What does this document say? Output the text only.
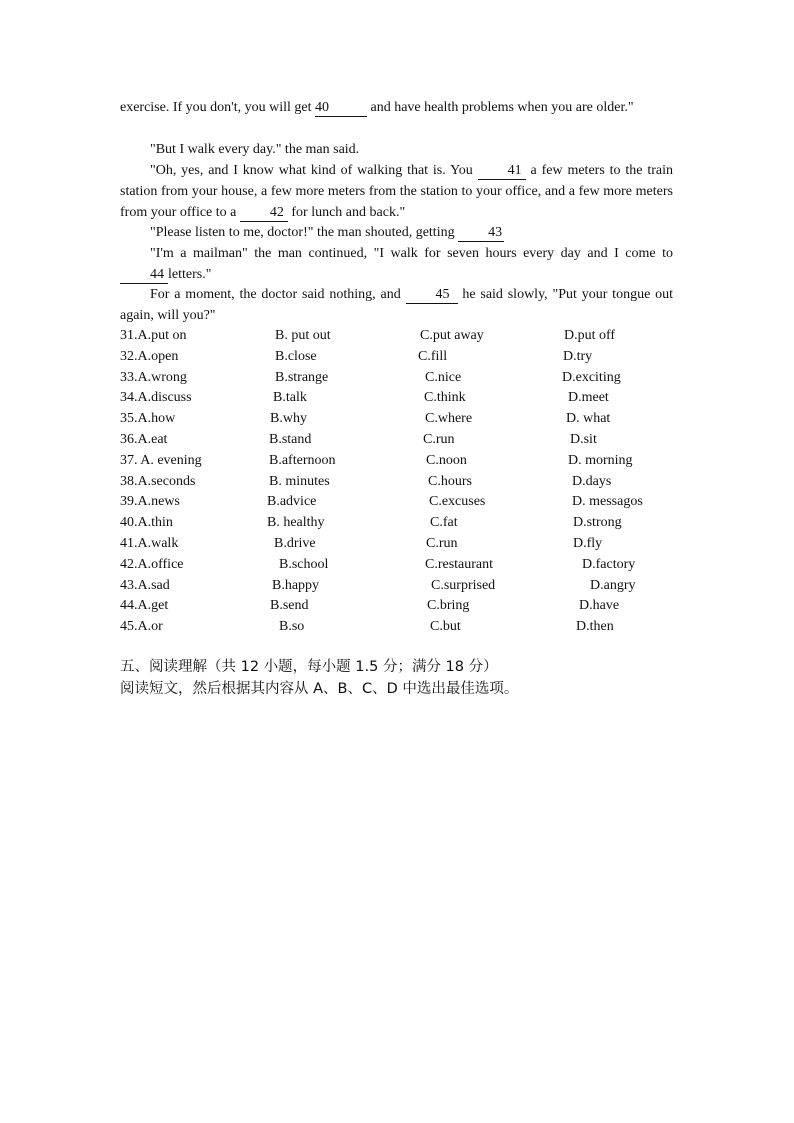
exercise. If you don't, you will get 40	and have health problems when you are older."
"But I walk every day." the man said.
"Oh, yes, and I know what kind of walking that is. You 41 a few meters to the train station from your house, a few more meters from the station to your office, and a few more meters from your office to a 42 for lunch and back."
"Please listen to me, doctor!" the man shouted, getting 43
"I'm a mailman" the man continued, "I walk for seven hours every day and I come to 44 letters."
For a moment, the doctor said nothing, and 45 he said slowly, "Put your tongue out again, will you?"
31.A.put on	B. put out	C.put away	D.put off
32.A.open	B.close	C.fill	D.try
33.A.wrong	B.strange	C.nice	D.exciting
34.A.discuss	B.talk	C.think	D.meet
35.A.how	B.why	C.where	D. what
36.A.eat	B.stand	C.run	D.sit
37. A. evening	B.afternoon	C.noon	D. morning
38.A.seconds	B. minutes	C.hours	D.days
39.A.news	B.advice	C.excuses	D. messagos
40.A.thin	B. healthy	C.fat	D.strong
41.A.walk	B.drive	C.run	D.fly
42.A.office	B.school	C.restaurant	D.factory
43.A.sad	B.happy	C.surprised	D.angry
44.A.get	B.send	C.bring	D.have
45.A.or	B.so	C.but	D.then
五、阅读理解（共 12 小题，每小题 1.5 分；满分 18 分）
阅读短文，然后根据其内容从 A、B、C、D 中选出最佳选项。
